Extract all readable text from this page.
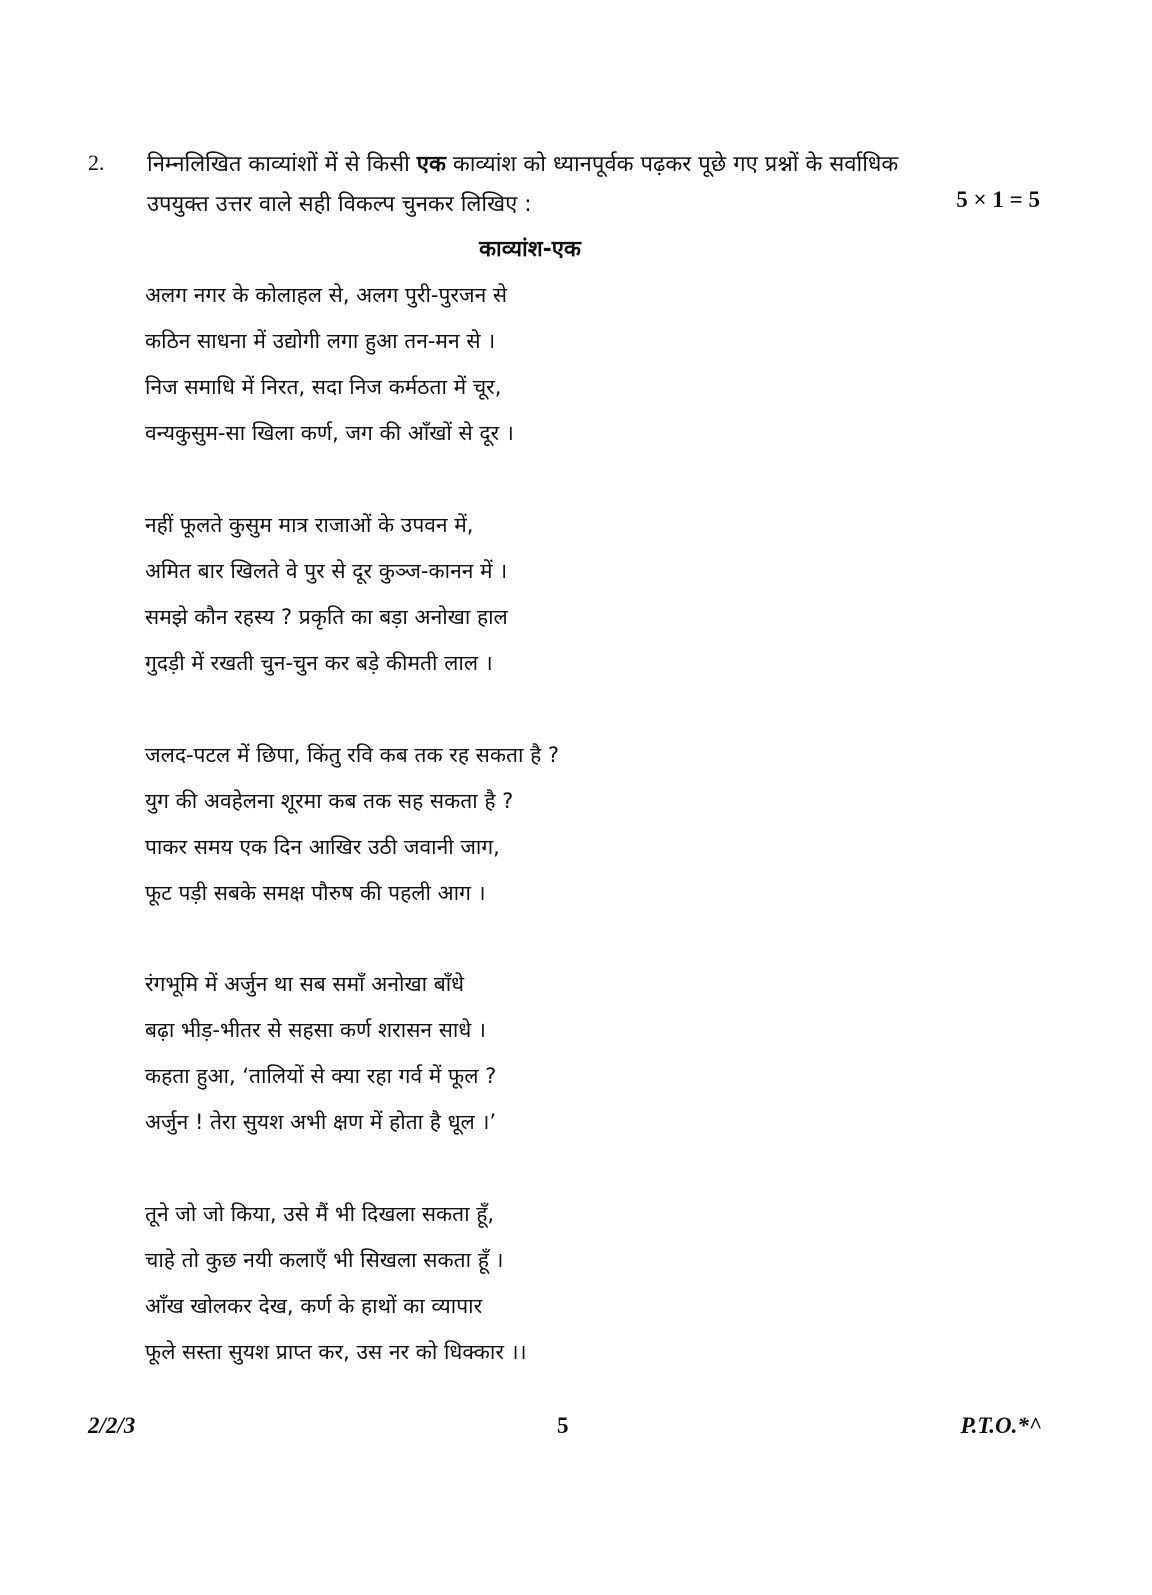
2. निम्नलिखित काव्यांशों में से किसी एक काव्यांश को ध्यानपूर्वक पढ़कर पूछे गए प्रश्नों के सर्वाधिक
उपयुक्त उत्तर वाले सही विकल्प चुनकर लिखिए :	5 × 1 = 5
काव्यांश-एक
अलग नगर के कोलाहल से, अलग पुरी-पुरजन से
कठिन साधना में उद्योगी लगा हुआ तन-मन से ।
निज समाधि में निरत, सदा निज कर्मठता में चूर,
वन्यकुसुम-सा खिला कर्ण, जग की आँखों से दूर ।
नहीं फूलते कुसुम मात्र राजाओं के उपवन में,
अमित बार खिलते वे पुर से दूर कुञ्ज-कानन में ।
समझे कौन रहस्य ? प्रकृति का बड़ा अनोखा हाल
गुदड़ी में रखती चुन-चुन कर बड़े कीमती लाल ।
जलद-पटल में छिपा, किंतु रवि कब तक रह सकता है ?
युग की अवहेलना शूरमा कब तक सह सकता है ?
पाकर समय एक दिन आखिर उठी जवानी जाग,
फूट पड़ी सबके समक्ष पौरुष की पहली आग ।
रंगभूमि में अर्जुन था सब समाँ अनोखा बाँधे
बढ़ा भीड़-भीतर से सहसा कर्ण शरासन साधे ।
कहता हुआ, ‘तालियों से क्या रहा गर्व में फूल ?
अर्जुन ! तेरा सुयश अभी क्षण में होता है धूल ।’
तूने जो जो किया, उसे मैं भी दिखला सकता हूँ,
चाहे तो कुछ नयी कलाएँ भी सिखला सकता हूँ ।
आँख खोलकर देख, कर्ण के हाथों का व्यापार
फूले सस्ता सुयश प्राप्त कर, उस नर को धिक्कार ।।
2/2/3	5	P.T.O.*^
